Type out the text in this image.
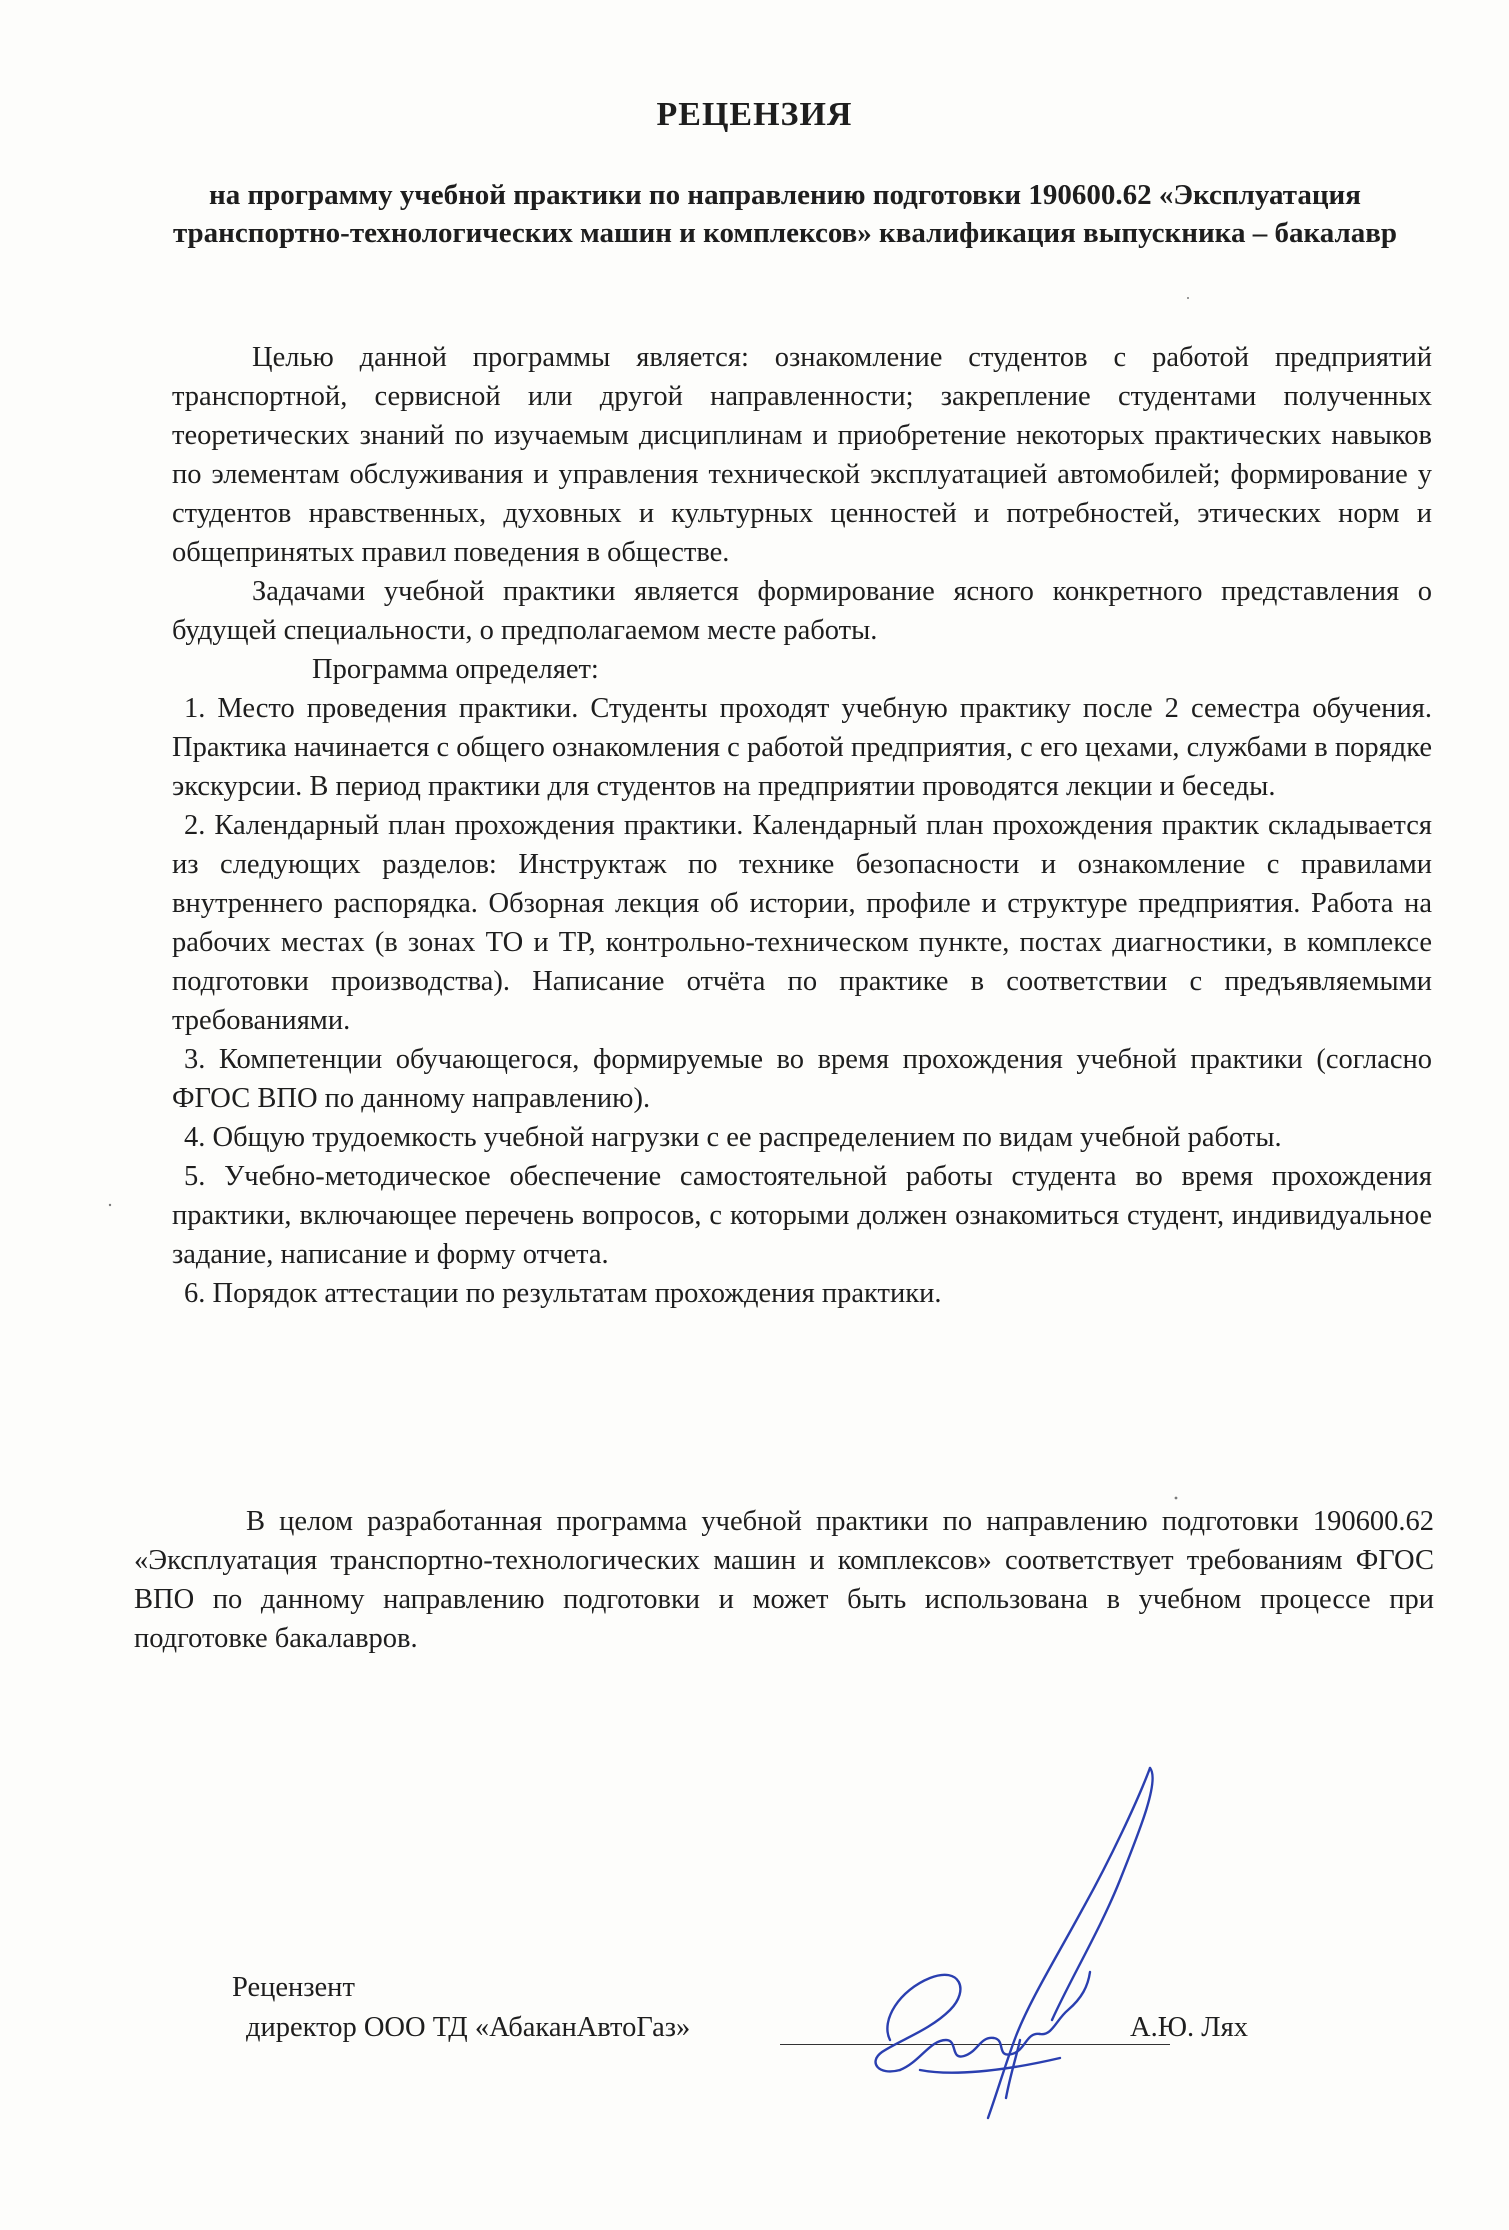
РЕЦЕНЗИЯ
на программу учебной практики по направлению подготовки 190600.62 «Эксплуатация транспортно-технологических машин и комплексов» квалификация выпускника – бакалавр

Целью данной программы является: ознакомление студентов с работой предприятий транспортной, сервисной или другой направленности; закрепление студентами полученных теоретических знаний по изучаемым дисциплинам и приобретение некоторых практических навыков по элементам обслуживания и управления технической эксплуатацией автомобилей; формирование у студентов нравственных, духовных и культурных ценностей и потребностей, этических норм и общепринятых правил поведения в обществе.

Задачами учебной практики является формирование ясного конкретного представления о будущей специальности, о предполагаемом месте работы.

Программа определяет:

1. Место проведения практики. Студенты проходят учебную практику после 2 семестра обучения. Практика начинается с общего ознакомления с работой предприятия, с его цехами, службами в порядке экскурсии. В период практики для студентов на предприятии проводятся лекции и беседы.
2. Календарный план прохождения практики. Календарный план прохождения практик складывается из следующих разделов: Инструктаж по технике безопасности и ознакомление с правилами внутреннего распорядка. Обзорная лекция об истории, профиле и структуре предприятия. Работа на рабочих местах (в зонах ТО и ТР, контрольно-техническом пункте, постах диагностики, в комплексе подготовки производства). Написание отчёта по практике в соответствии с предъявляемыми требованиями.
3. Компетенции обучающегося, формируемые во время прохождения учебной практики (согласно ФГОС ВПО по данному направлению).
4. Общую трудоемкость учебной нагрузки с ее распределением по видам учебной работы.
5. Учебно-методическое обеспечение самостоятельной работы студента во время прохождения практики, включающее перечень вопросов, с которыми должен ознакомиться студент, индивидуальное задание, написание и форму отчета.
6. Порядок аттестации по результатам прохождения практики.

В целом разработанная программа учебной практики по направлению подготовки 190600.62 «Эксплуатация транспортно-технологических машин и комплексов» соответствует требованиям ФГОС ВПО по данному направлению подготовки и может быть использована в учебном процессе при подготовке бакалавров.

Рецензент
директор ООО ТД «АбаканАвтоГаз»	А.Ю. Лях
